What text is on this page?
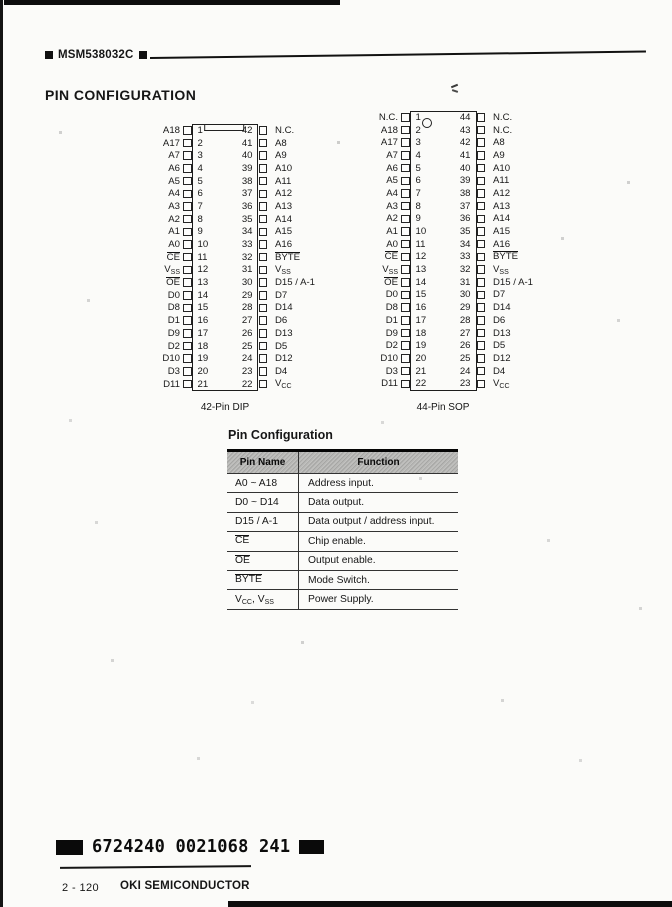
MSM538032C
PIN CONFIGURATION
A18	1	42	N.C.
A17	2	41	A8
A7	3	40	A9
A6	4	39	A10
A5	5	38	A11
A4	6	37	A12
A3	7	36	A13
A2	8	35	A14
A1	9	34	A15
A0	10	33	A16
CE	11	32	BYTE
$V_{SS}$	12	31	$V_{SS}$
OE	13	30	D15 / A-1
D0	14	29	D7
D8	15	28	D14
D1	16	27	D6
D9	17	26	D13
D2	18	25	D5
D10	19	24	D12
D3	20	23	D4
D11	21	22	$V_{CC}$
42-Pin DIP
N.C.	1	44	N.C.
A18	2	43	N.C.
A17	3	42	A8
A7	4	41	A9
A6	5	40	A10
A5	6	39	A11
A4	7	38	A12
A3	8	37	A13
A2	9	36	A14
A1	10	35	A15
A0	11	34	A16
CE	12	33	BYTE
$V_{SS}$	13	32	$V_{SS}$
OE	14	31	D15 / A-1
D0	15	30	D7
D8	16	29	D14
D1	17	28	D6
D9	18	27	D13
D2	19	26	D5
D10	20	25	D12
D3	21	24	D4
D11	22	23	$V_{CC}$
44-Pin SOP
Pin Configuration
Pin Name	Function
A0 ~ A18	Address input.
D0 ~ D14	Data output.
D15 / A-1	Data output / address input.
CE	Chip enable.
OE	Output enable.
BYTE	Mode Switch.
$V_{CC}$, $V_{SS}$	Power Supply.
6724240 0021068 241
2 - 120 OKI SEMICONDUCTOR
